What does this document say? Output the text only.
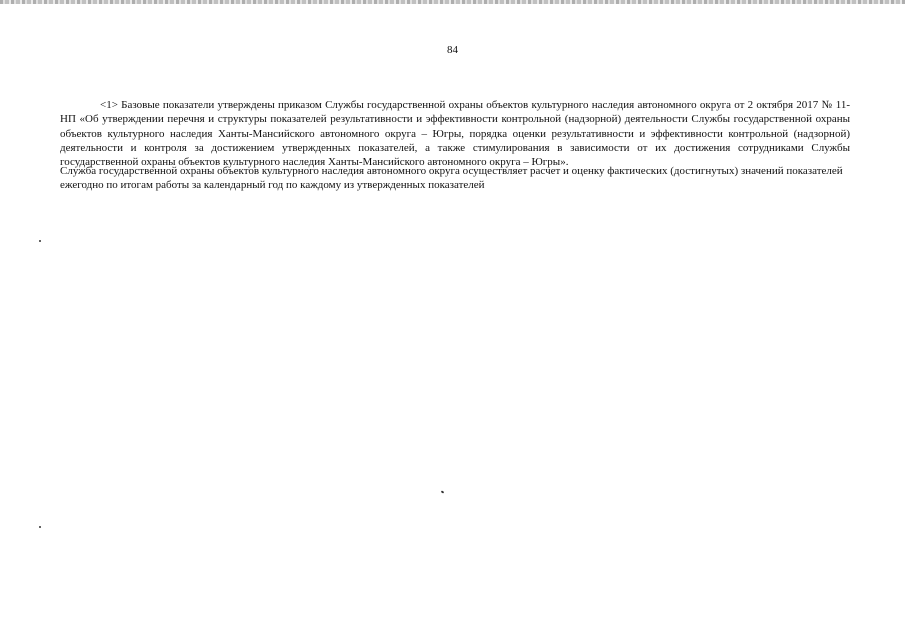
84

<1> Базовые показатели утверждены приказом Службы государственной охраны объектов культурного наследия автономного округа от 2 октября 2017 № 11-НП «Об утверждении перечня и структуры показателей результативности и эффективности контрольной (надзорной) деятельности Службы государственной охраны объектов культурного наследия Ханты-Мансийского автономного округа – Югры, порядка оценки результативности и эффективности контрольной (надзорной) деятельности и контроля за достижением утвержденных показателей, а также стимулирования в зависимости от их достижения сотрудниками Службы государственной охраны объектов культурного наследия Ханты-Мансийского автономного округа – Югры».

Служба государственной охраны объектов культурного наследия автономного округа осуществляет расчет и оценку фактических (достигнутых) значений показателей ежегодно по итогам работы за календарный год по каждому из утвержденных показателей
